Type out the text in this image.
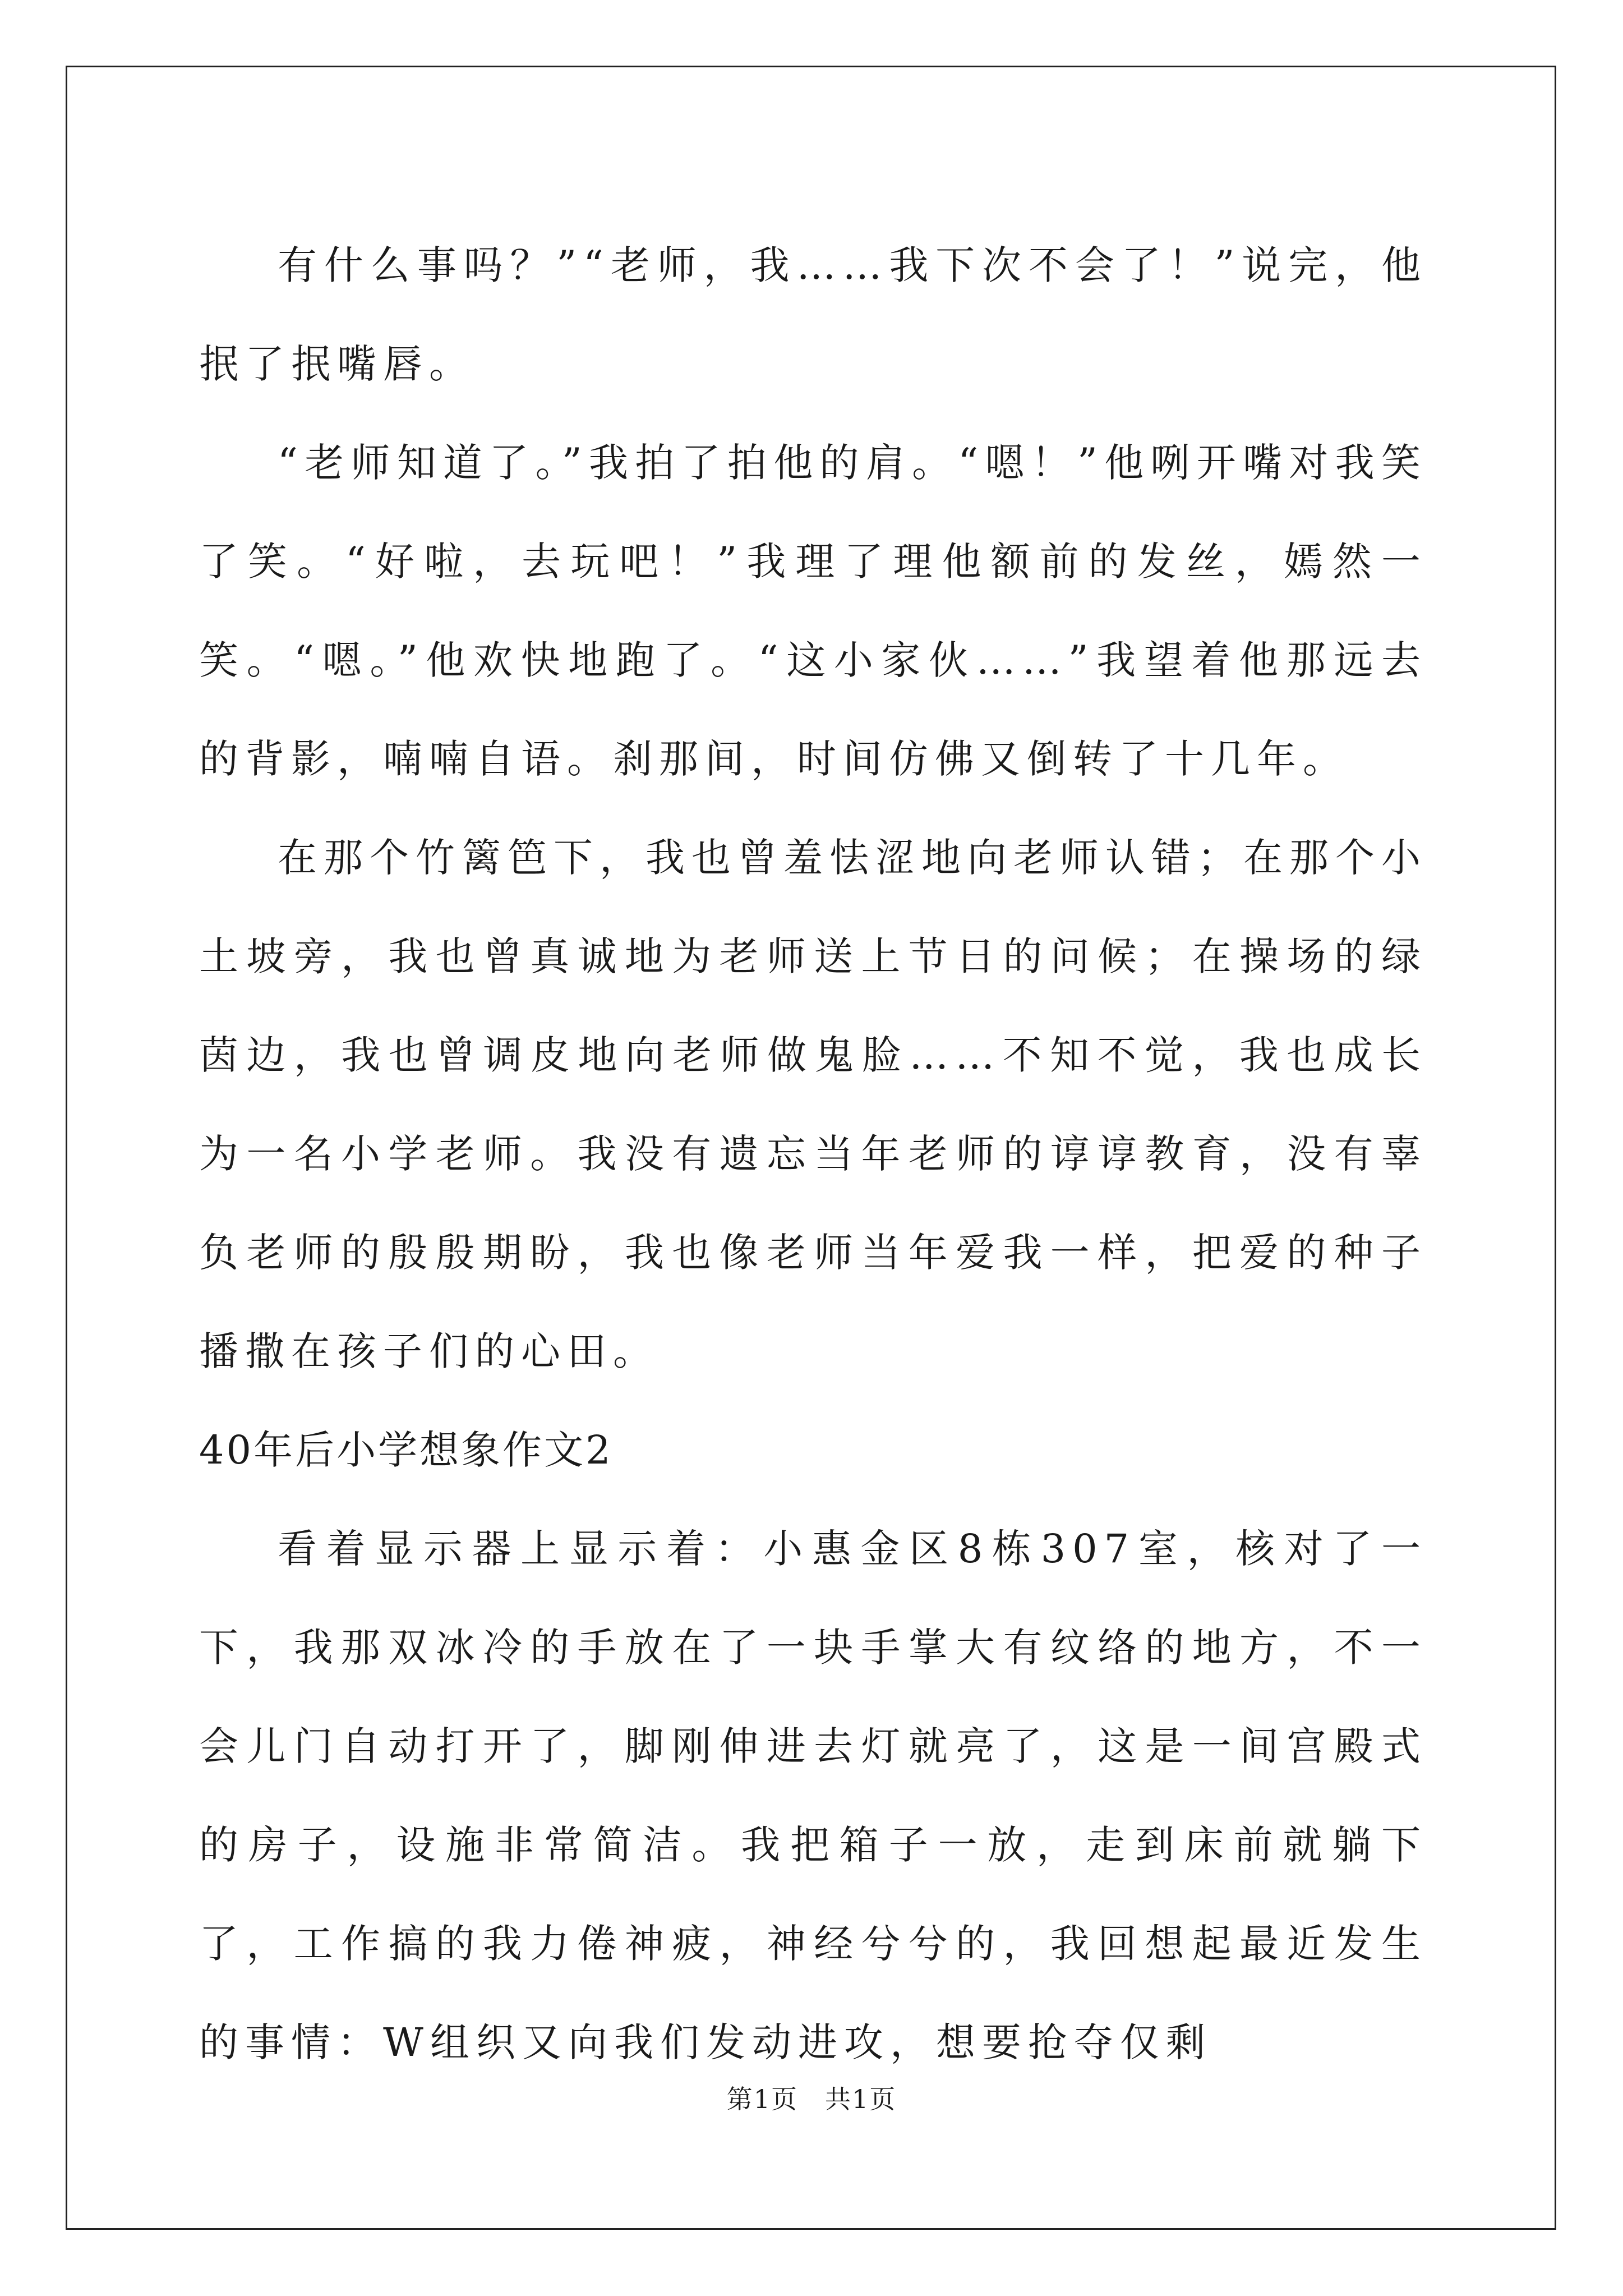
有什么事吗？”“老师，我……我下次不会了！”说完，他抿了抿嘴唇。

“老师知道了。”我拍了拍他的肩。“嗯！”他咧开嘴对我笑了笑。“好啦，去玩吧！”我理了理他额前的发丝，嫣然一笑。“嗯。”他欢快地跑了。“这小家伙……”我望着他那远去的背影，喃喃自语。刹那间，时间仿佛又倒转了十几年。

在那个竹篱笆下，我也曾羞怯涩地向老师认错；在那个小土坡旁，我也曾真诚地为老师送上节日的问候；在操场的绿茵边，我也曾调皮地向老师做鬼脸……不知不觉，我也成长为一名小学老师。我没有遗忘当年老师的谆谆教育，没有辜负老师的殷殷期盼，我也像老师当年爱我一样，把爱的种子播撒在孩子们的心田。

40年后小学想象作文2

看着显示器上显示着：小惠金区8栋307室，核对了一下，我那双冰冷的手放在了一块手掌大有纹络的地方，不一会儿门自动打开了，脚刚伸进去灯就亮了，这是一间宫殿式的房子，设施非常简洁。我把箱子一放，走到床前就躺下了，工作搞的我力倦神疲，神经兮兮的，我回想起最近发生的事情：W组织又向我们发动进攻，想要抢夺仅剩

第1页　共1页
